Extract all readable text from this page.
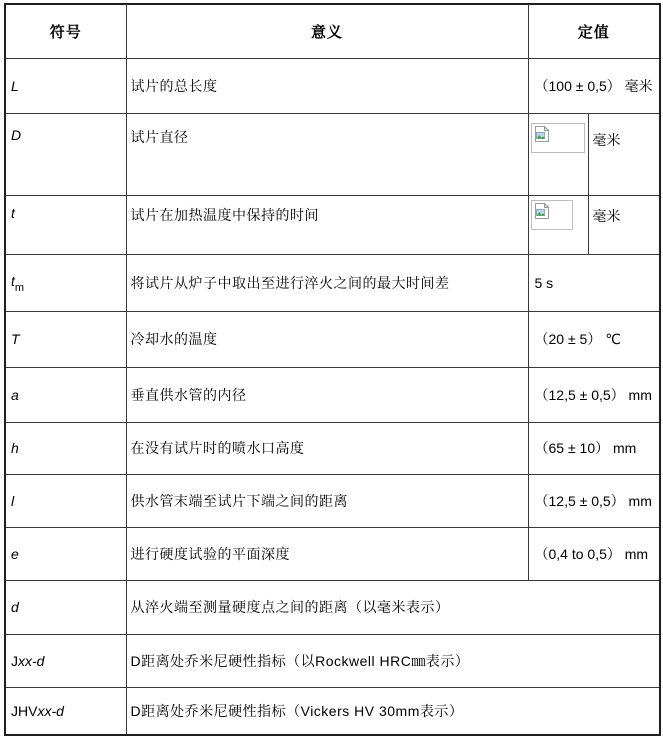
符号	意义	定值	
L	试片的总长度	（100 ± 0,5） 毫米	
D	试片直径		毫米
t	试片在加热温度中保持的时间		毫米
$t_m$	将试片从炉子中取出至进行淬火之间的最大时间差	5 s	
T	冷却水的温度	（20 ± 5） ℃	
a	垂直供水管的内径	（12,5 ± 0,5） mm	
h	在没有试片时的喷水口高度	（65 ± 10） mm	
l	供水管末端至试片下端之间的距离	（12,5 ± 0,5） mm	
e	进行硬度试验的平面深度	（0,4 to 0,5） mm	
d	从淬火端至测量硬度点之间的距离（以毫米表示）		
Jxx-d	D距离处乔米尼硬性指标（以Rockwell HRC㎜表示）		
JHVxx-d	D距离处乔米尼硬性指标（Vickers HV 30mm表示）		
